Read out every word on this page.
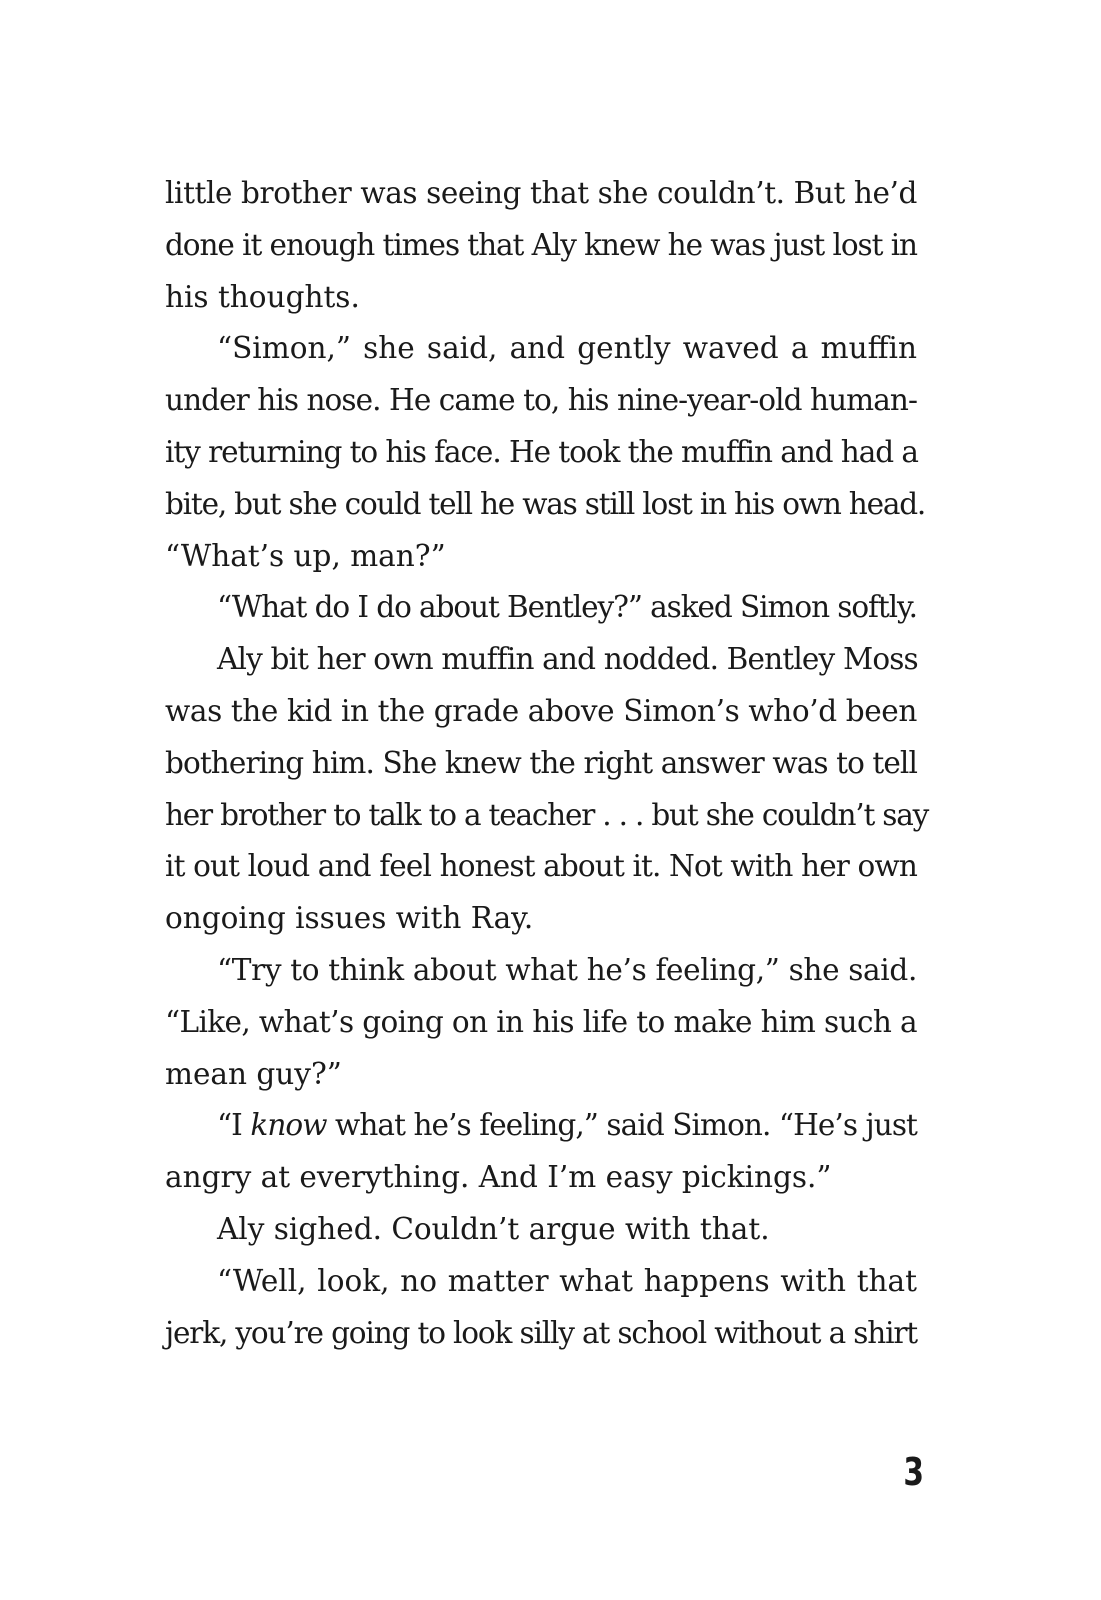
little brother was seeing that she couldn’t. But he’d
done it enough times that Aly knew he was just lost in
his thoughts.
“Simon,” she said, and gently waved a muffin
under his nose. He came to, his nine-year-old human-
ity returning to his face. He took the muffin and had a
bite, but she could tell he was still lost in his own head.
“What’s up, man?”
“What do I do about Bentley?” asked Simon softly.
Aly bit her own muffin and nodded. Bentley Moss
was the kid in the grade above Simon’s who’d been
bothering him. She knew the right answer was to tell
her brother to talk to a teacher . . . but she couldn’t say
it out loud and feel honest about it. Not with her own
ongoing issues with Ray.
“Try to think about what he’s feeling,” she said.
“Like, what’s going on in his life to make him such a
mean guy?”
“I know what he’s feeling,” said Simon. “He’s just
angry at everything. And I’m easy pickings.”
Aly sighed. Couldn’t argue with that.
“Well, look, no matter what happens with that
jerk, you’re going to look silly at school without a shirt
3
